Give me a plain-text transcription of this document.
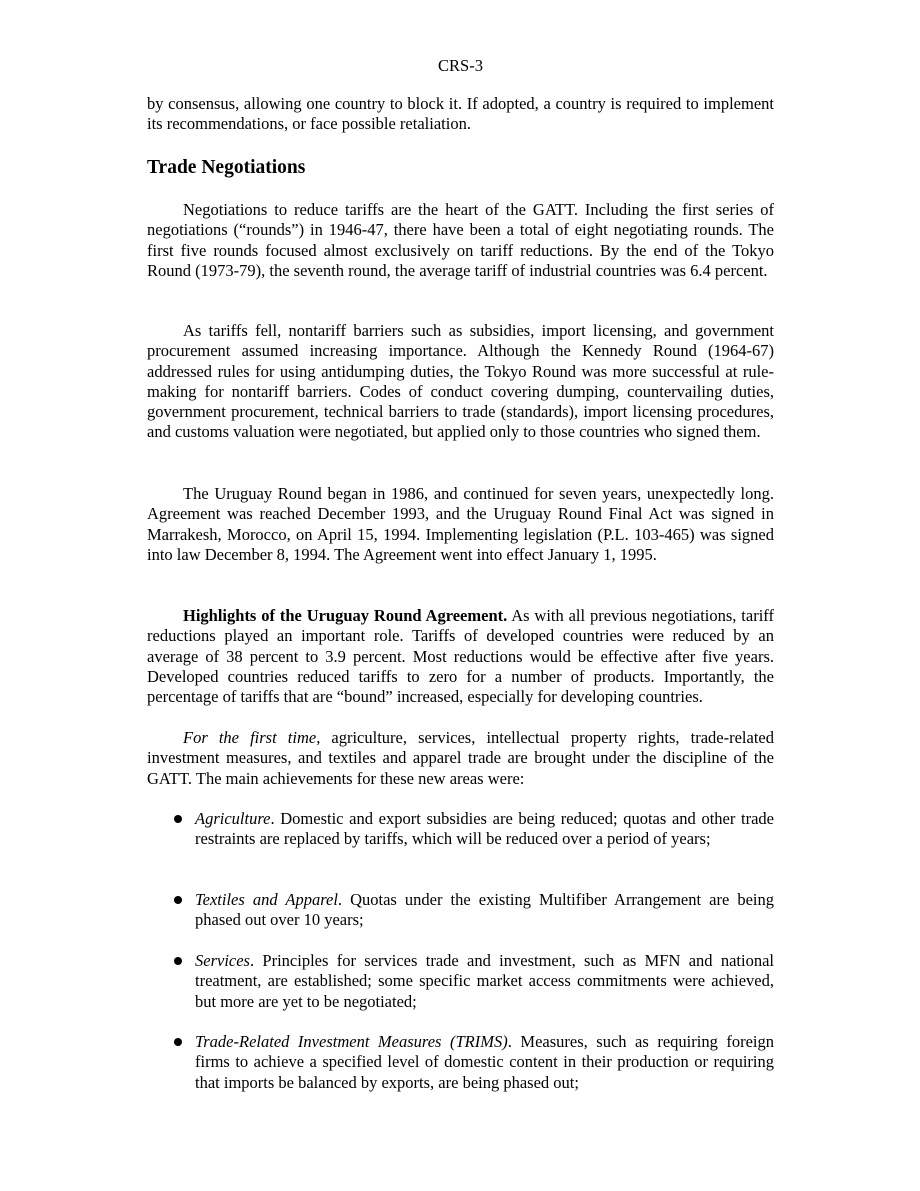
CRS-3

by consensus, allowing one country to block it. If adopted, a country is required to implement its recommendations, or face possible retaliation.

Trade Negotiations

Negotiations to reduce tariffs are the heart of the GATT. Including the first series of negotiations (“rounds”) in 1946-47, there have been a total of eight negotiating rounds. The first five rounds focused almost exclusively on tariff reductions. By the end of the Tokyo Round (1973-79), the seventh round, the average tariff of industrial countries was 6.4 percent.

As tariffs fell, nontariff barriers such as subsidies, import licensing, and government procurement assumed increasing importance. Although the Kennedy Round (1964-67) addressed rules for using antidumping duties, the Tokyo Round was more successful at rule-making for nontariff barriers. Codes of conduct covering dumping, countervailing duties, government procurement, technical barriers to trade (standards), import licensing procedures, and customs valuation were negotiated, but applied only to those countries who signed them.

The Uruguay Round began in 1986, and continued for seven years, unexpectedly long. Agreement was reached December 1993, and the Uruguay Round Final Act was signed in Marrakesh, Morocco, on April 15, 1994. Implementing legislation (P.L. 103-465) was signed into law December 8, 1994. The Agreement went into effect January 1, 1995.

Highlights of the Uruguay Round Agreement. As with all previous negotiations, tariff reductions played an important role. Tariffs of developed countries were reduced by an average of 38 percent to 3.9 percent. Most reductions would be effective after five years. Developed countries reduced tariffs to zero for a number of products. Importantly, the percentage of tariffs that are “bound” increased, especially for developing countries.

For the first time, agriculture, services, intellectual property rights, trade-related investment measures, and textiles and apparel trade are brought under the discipline of the GATT. The main achievements for these new areas were:

Agriculture. Domestic and export subsidies are being reduced; quotas and other trade restraints are replaced by tariffs, which will be reduced over a period of years;
Textiles and Apparel. Quotas under the existing Multifiber Arrangement are being phased out over 10 years;
Services. Principles for services trade and investment, such as MFN and national treatment, are established; some specific market access commitments were achieved, but more are yet to be negotiated;
Trade-Related Investment Measures (TRIMS). Measures, such as requiring foreign firms to achieve a specified level of domestic content in their production or requiring that imports be balanced by exports, are being phased out;
